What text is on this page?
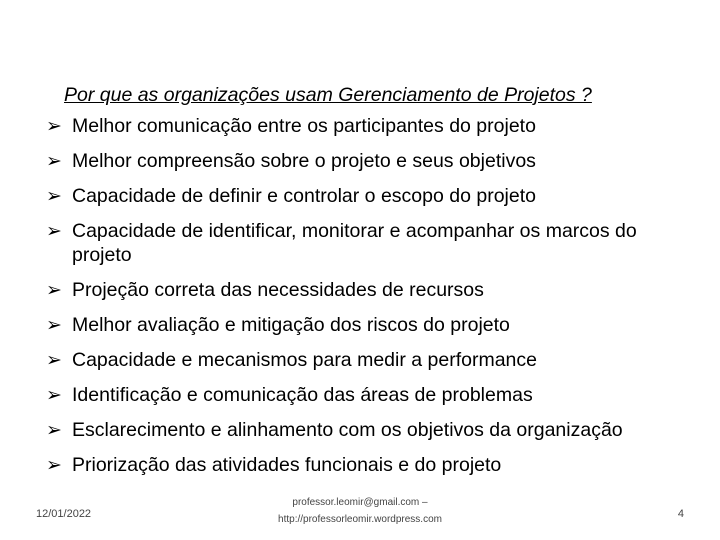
Por que as organizações usam Gerenciamento de Projetos ?
➢ Melhor comunicação entre os participantes do projeto
➢ Melhor compreensão sobre o projeto e seus objetivos
➢ Capacidade de definir e controlar o escopo do projeto
➢ Capacidade de identificar, monitorar e acompanhar os marcos do projeto
➢ Projeção correta das necessidades de recursos
➢ Melhor avaliação e mitigação dos riscos do projeto
➢ Capacidade e mecanismos para medir a performance
➢ Identificação e comunicação das áreas de problemas
➢ Esclarecimento e alinhamento com os objetivos da organização
➢ Priorização das atividades funcionais e do projeto
12/01/2022
professor.leomir@gmail.com –
http://professorleomir.wordpress.com	4
